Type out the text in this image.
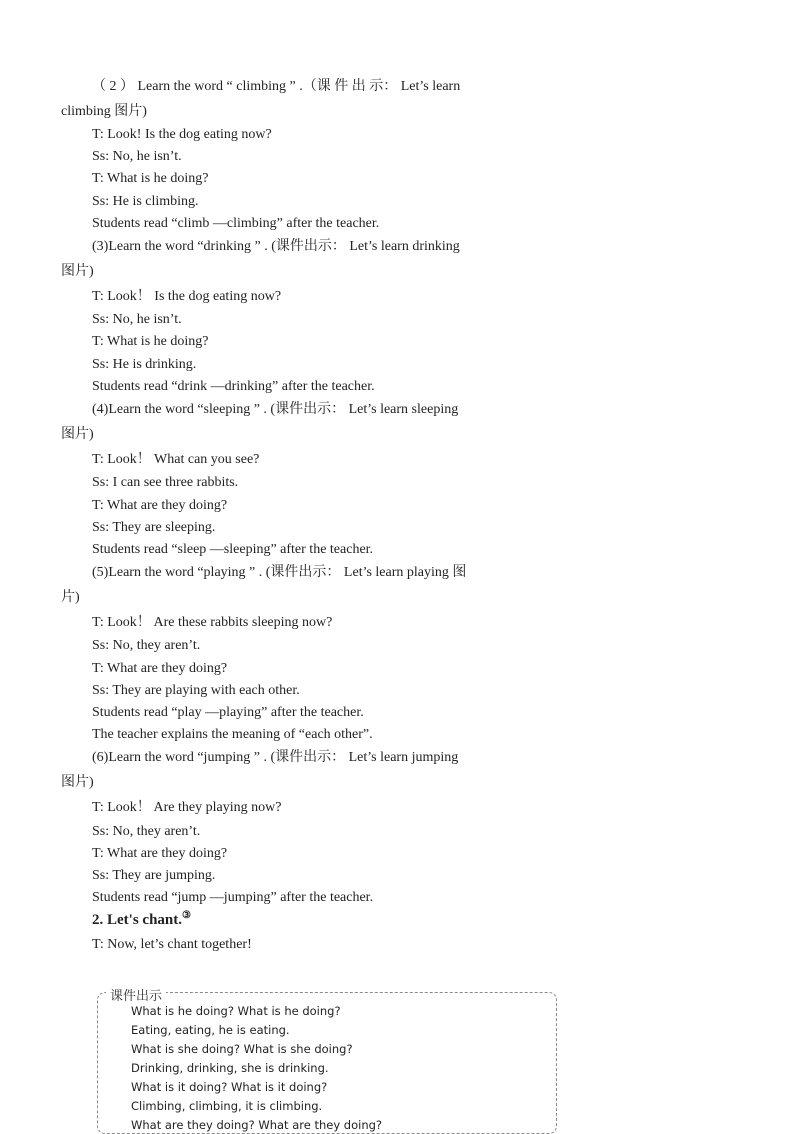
（ 2 ） Learn the word “ climbing ” .（课 件 出 示： Let’s learn
climbing 图片)
T: Look! Is the dog eating now?
Ss: No, he isn’t.
T: What is he doing?
Ss: He is climbing.
Students read “climb —climbing” after the teacher.
(3)Learn the word “drinking ” . (课件出示： Let’s learn drinking
图片)
T: Look！ Is the dog eating now?
Ss: No, he isn’t.
T: What is he doing?
Ss: He is drinking.
Students read “drink —drinking” after the teacher.
(4)Learn the word “sleeping ” . (课件出示： Let’s learn sleeping
图片)
T: Look！ What can you see?
Ss: I can see three rabbits.
T: What are they doing?
Ss: They are sleeping.
Students read “sleep —sleeping” after the teacher.
(5)Learn the word “playing ” . (课件出示： Let’s learn playing 图
片)
T: Look！ Are these rabbits sleeping now?
Ss: No, they aren’t.
T: What are they doing?
Ss: They are playing with each other.
Students read “play —playing” after the teacher.
The teacher explains the meaning of “each other”.
(6)Learn the word “jumping ” . (课件出示： Let’s learn jumping
图片)
T: Look！ Are they playing now?
Ss: No, they aren’t.
T: What are they doing?
Ss: They are jumping.
Students read “jump —jumping” after the teacher.
2. Let's chant.③
T: Now, let’s chant together!
课件出示
What is he doing? What is he doing?
Eating, eating, he is eating.
What is she doing? What is she doing?
Drinking, drinking, she is drinking.
What is it doing? What is it doing?
Climbing, climbing, it is climbing.
What are they doing? What are they doing?
